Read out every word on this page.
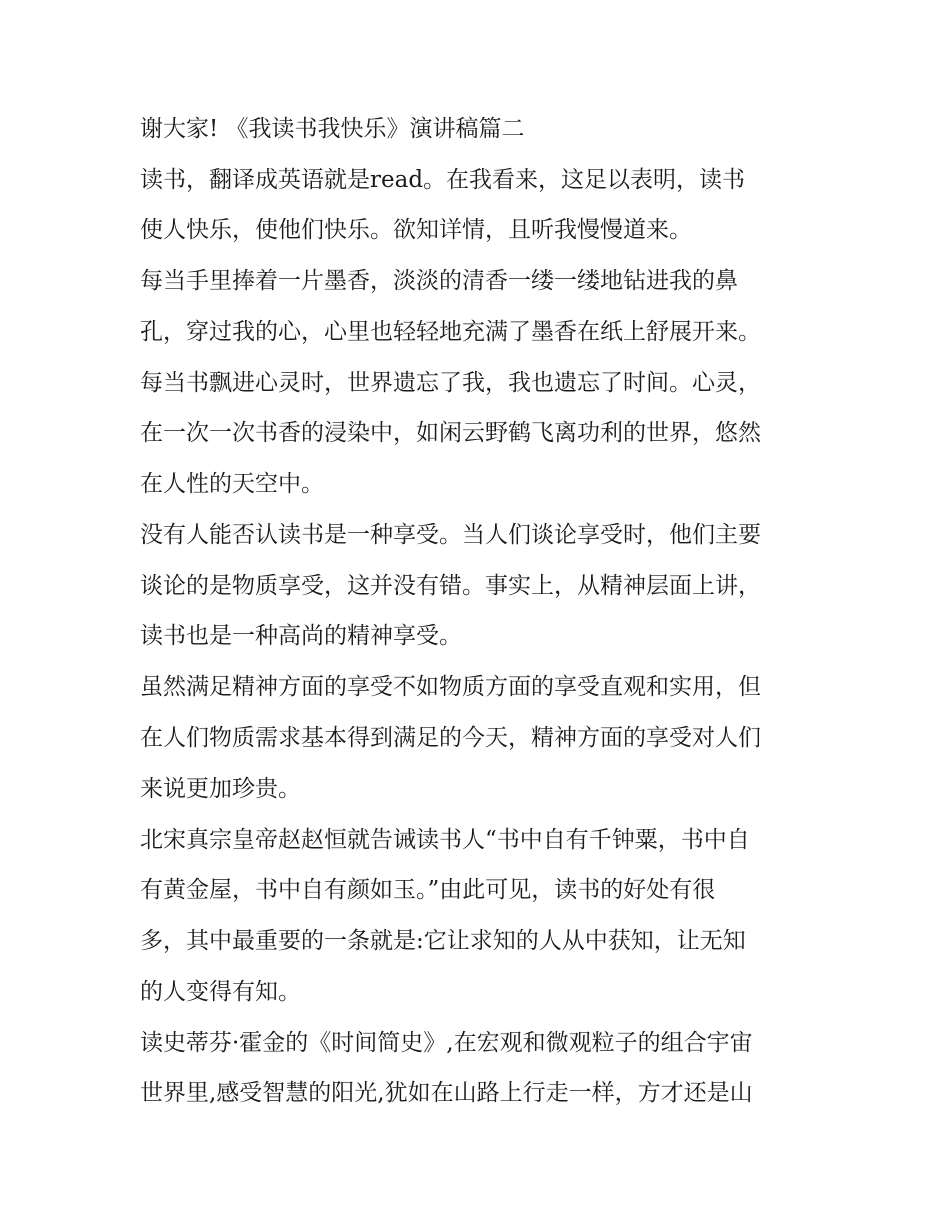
谢大家! 《我读书我快乐》演讲稿篇二

读书，翻译成英语就是read。在我看来，这足以表明，读书

使人快乐，使他们快乐。欲知详情，且听我慢慢道来。

每当手里捧着一片墨香，淡淡的清香一缕一缕地钻进我的鼻

孔，穿过我的心，心里也轻轻地充满了墨香在纸上舒展开来。

每当书飘进心灵时，世界遗忘了我，我也遗忘了时间。心灵，

在一次一次书香的浸染中，如闲云野鹤飞离功利的世界，悠然

在人性的天空中。

没有人能否认读书是一种享受。当人们谈论享受时，他们主要

谈论的是物质享受，这并没有错。事实上，从精神层面上讲，

读书也是一种高尚的精神享受。

虽然满足精神方面的享受不如物质方面的享受直观和实用，但

在人们物质需求基本得到满足的今天，精神方面的享受对人们

来说更加珍贵。

北宋真宗皇帝赵赵恒就告诫读书人“书中自有千钟粟，书中自

有黄金屋，书中自有颜如玉。”由此可见，读书的好处有很

多，其中最重要的一条就是:它让求知的人从中获知，让无知

的人变得有知。

读史蒂芬·霍金的《时间简史》,在宏观和微观粒子的组合宇宙

世界里,感受智慧的阳光,犹如在山路上行走一样，方才还是山
